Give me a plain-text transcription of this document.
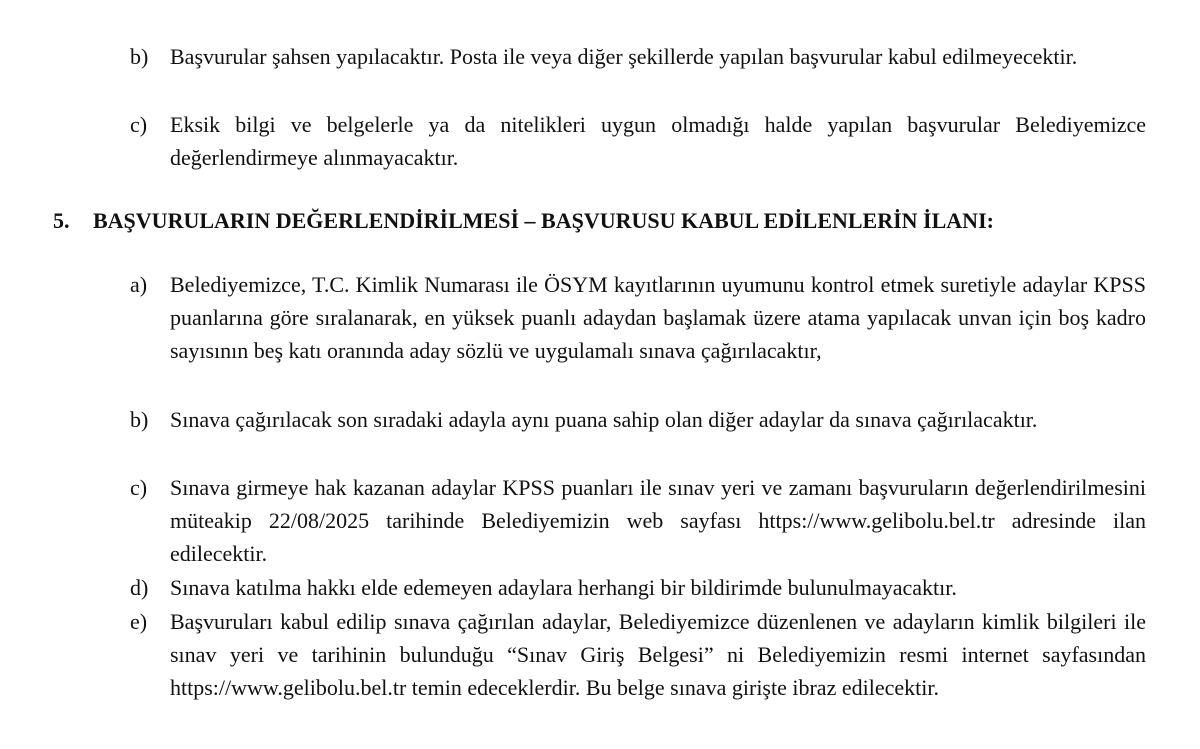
b) Başvurular şahsen yapılacaktır. Posta ile veya diğer şekillerde yapılan başvurular kabul edilmeyecektir.
c) Eksik bilgi ve belgelerle ya da nitelikleri uygun olmadığı halde yapılan başvurular Belediyemizce değerlendirmeye alınmayacaktır.
5. BAŞVURULARIN DEĞERLENDİRİLMESİ – BAŞVURUSU KABUL EDİLENLERİN İLANI:
a) Belediyemizce, T.C. Kimlik Numarası ile ÖSYM kayıtlarının uyumunu kontrol etmek suretiyle adaylar KPSS puanlarına göre sıralanarak, en yüksek puanlı adaydan başlamak üzere atama yapılacak unvan için boş kadro sayısının beş katı oranında aday sözlü ve uygulamalı sınava çağırılacaktır,
b) Sınava çağırılacak son sıradaki adayla aynı puana sahip olan diğer adaylar da sınava çağırılacaktır.
c) Sınava girmeye hak kazanan adaylar KPSS puanları ile sınav yeri ve zamanı başvuruların değerlendirilmesini müteakip 22/08/2025 tarihinde Belediyemizin web sayfası https://www.gelibolu.bel.tr adresinde ilan edilecektir.
d) Sınava katılma hakkı elde edemeyen adaylara herhangi bir bildirimde bulunulmayacaktır.
e) Başvuruları kabul edilip sınava çağırılan adaylar, Belediyemizce düzenlenen ve adayların kimlik bilgileri ile sınav yeri ve tarihinin bulunduğu “Sınav Giriş Belgesi” ni Belediyemizin resmi internet sayfasından https://www.gelibolu.bel.tr temin edeceklerdir. Bu belge sınava girişte ibraz edilecektir.
